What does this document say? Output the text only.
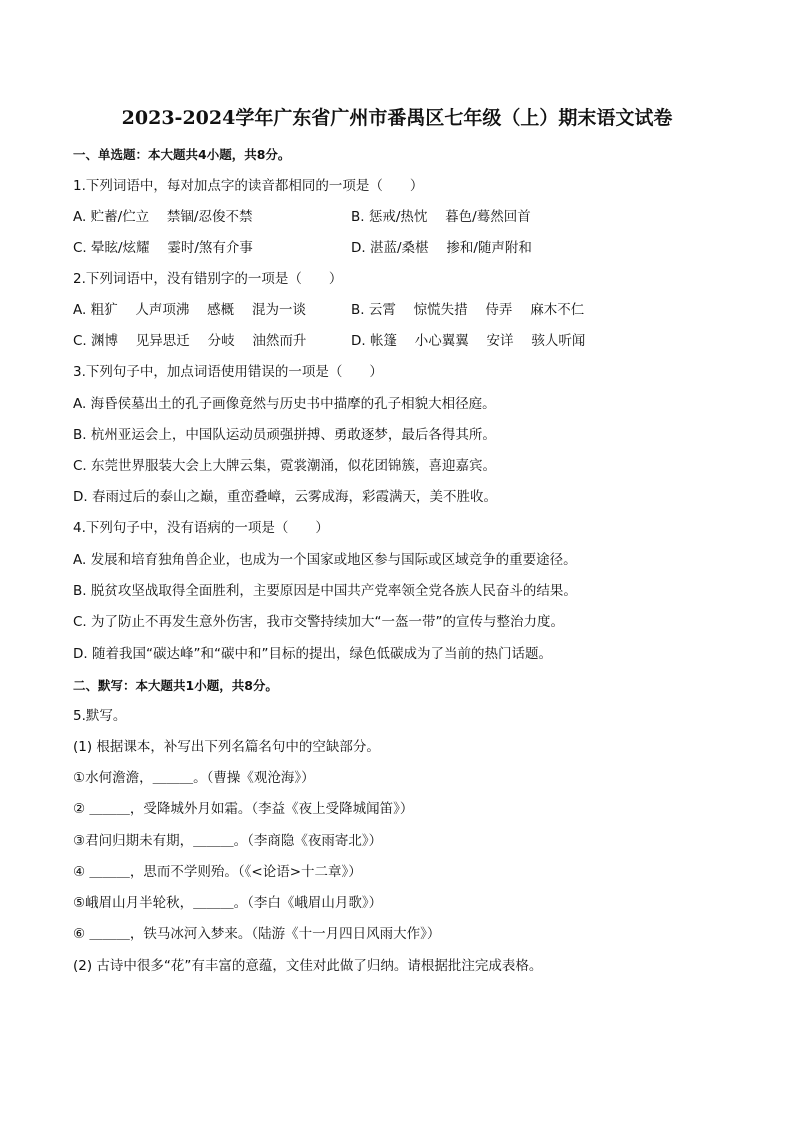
2023-2024学年广东省广州市番禺区七年级（上）期末语文试卷
一、单选题：本大题共4小题，共8分。
1.下列词语中，每对加点字的读音都相同的一项是（　　）
A. 贮蓄/伫立　 禁锢/忍俊不禁	B. 惩戒/热忱　 暮色/蓦然回首
C. 晕眩/炫耀　 霎时/煞有介事	D. 湛蓝/桑椹　 掺和/随声附和
2.下列词语中，没有错别字的一项是（　　）
A. 粗犷　 人声项沸　 感概　 混为一谈	B. 云霄　 惊慌失措　 侍弄　 麻木不仁
C. 渊博　 见异思迁　 分岐　 油然而升	D. 帐篷　 小心翼翼　 安详　 骇人听闻
3.下列句子中，加点词语使用错误的一项是（　　）
A. 海昏侯墓出土的孔子画像竟然与历史书中描摩的孔子相貌大相径庭。
B. 杭州亚运会上，中国队运动员顽强拼搏、勇敢逐梦，最后各得其所。
C. 东莞世界服装大会上大牌云集，霓裳潮涌，似花团锦簇，喜迎嘉宾。
D. 春雨过后的泰山之巅，重峦叠嶂，云雾成海，彩霞满天，美不胜收。
4.下列句子中，没有语病的一项是（　　）
A. 发展和培育独角兽企业，也成为一个国家或地区参与国际或区域竞争的重要途径。
B. 脱贫攻坚战取得全面胜利，主要原因是中国共产党率领全党各族人民奋斗的结果。
C. 为了防止不再发生意外伤害，我市交警持续加大“一盔一带”的宣传与整治力度。
D. 随着我国“碳达峰”和“碳中和”目标的提出，绿色低碳成为了当前的热门话题。
二、默写：本大题共1小题，共8分。
5.默写。
(1) 根据课本，补写出下列名篇名句中的空缺部分。
①水何澹澹，＿＿＿。（曹操《观沧海》）
② ＿＿＿，受降城外月如霜。（李益《夜上受降城闻笛》）
③君问归期未有期，＿＿＿。（李商隐《夜雨寄北》）
④ ＿＿＿，思而不学则殆。（《<论语>十二章》）
⑤峨眉山月半轮秋，＿＿＿。（李白《峨眉山月歌》）
⑥ ＿＿＿，铁马冰河入梦来。（陆游《十一月四日风雨大作》）
(2) 古诗中很多“花”有丰富的意蕴，文佳对此做了归纳。请根据批注完成表格。
